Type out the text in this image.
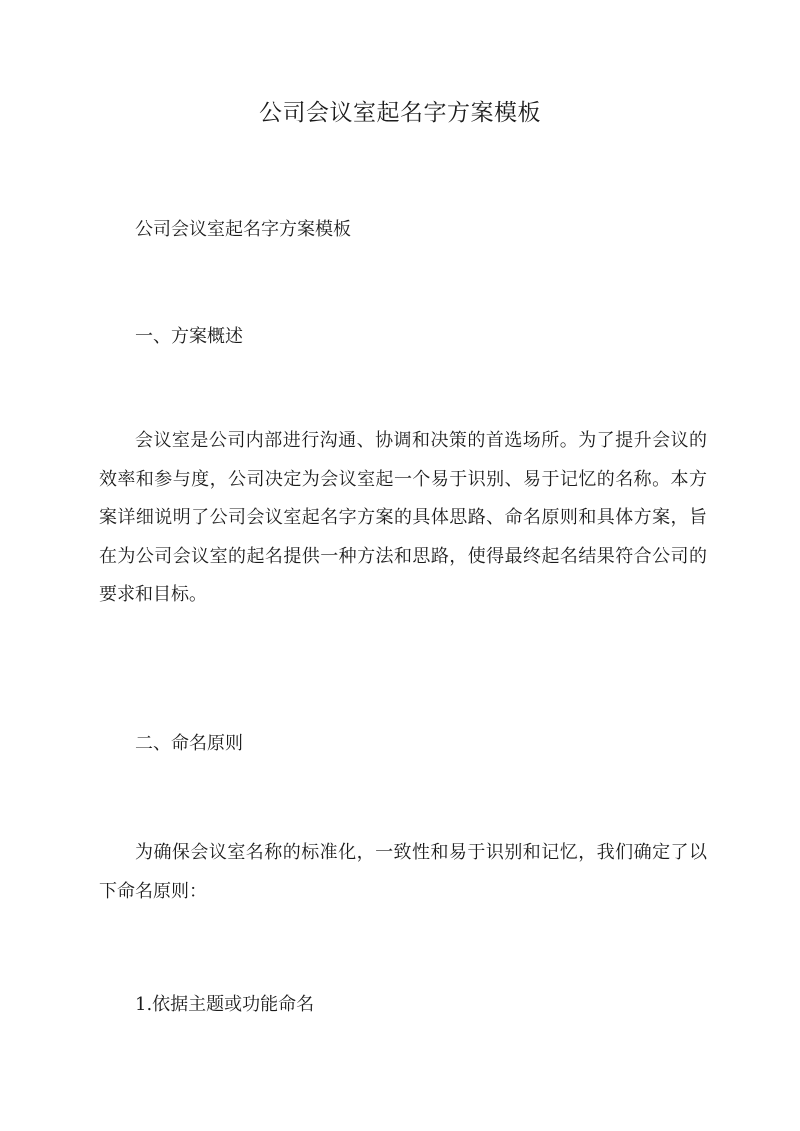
公司会议室起名字方案模板
公司会议室起名字方案模板
一、方案概述
会议室是公司内部进行沟通、协调和决策的首选场所。为了提升会议的效率和参与度，公司决定为会议室起一个易于识别、易于记忆的名称。本方案详细说明了公司会议室起名字方案的具体思路、命名原则和具体方案，旨在为公司会议室的起名提供一种方法和思路，使得最终起名结果符合公司的要求和目标。
二、命名原则
为确保会议室名称的标准化，一致性和易于识别和记忆，我们确定了以下命名原则：
1.依据主题或功能命名
